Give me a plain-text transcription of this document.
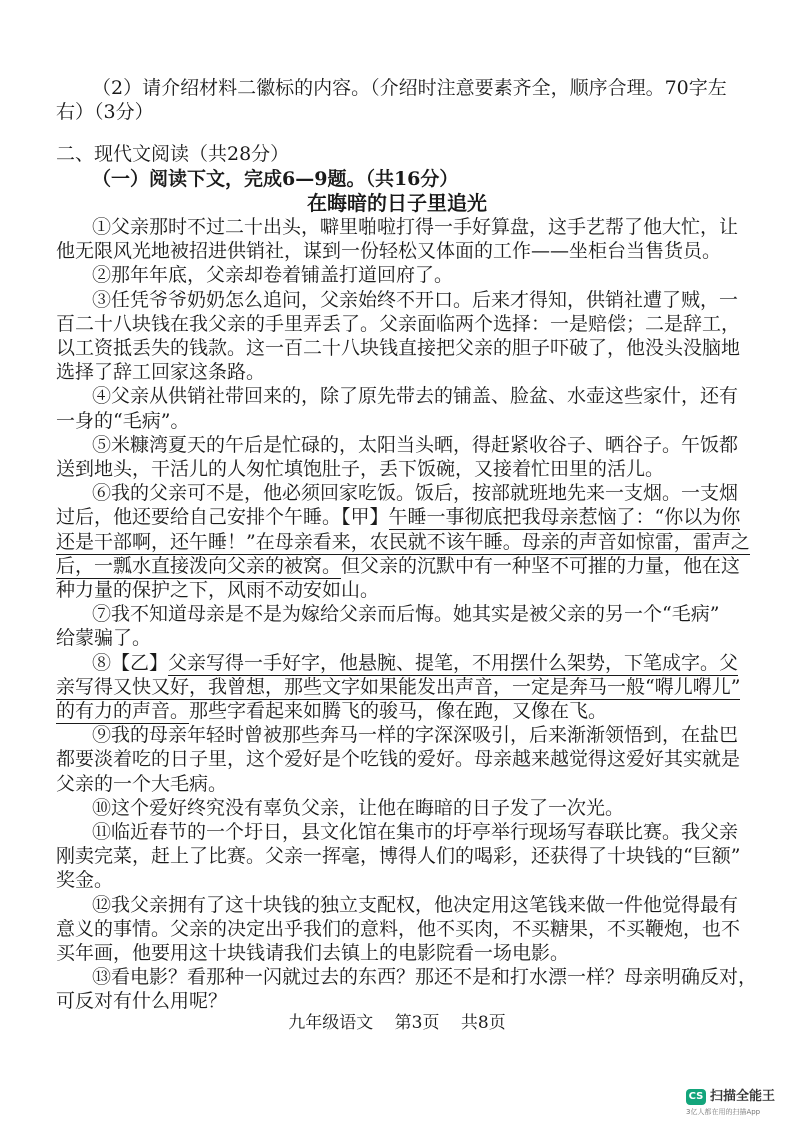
（2）请介绍材料二徽标的内容。（介绍时注意要素齐全，顺序合理。70字左
右）（3分）
二、现代文阅读（共28分）
（一）阅读下文，完成6—9题。（共16分）
在晦暗的日子里追光
①父亲那时不过二十出头，噼里啪啦打得一手好算盘，这手艺帮了他大忙，让
他无限风光地被招进供销社，谋到一份轻松又体面的工作——坐柜台当售货员。
②那年年底，父亲却卷着铺盖打道回府了。
③任凭爷爷奶奶怎么追问，父亲始终不开口。后来才得知，供销社遭了贼，一
百二十八块钱在我父亲的手里弄丢了。父亲面临两个选择：一是赔偿；二是辞工，
以工资抵丢失的钱款。这一百二十八块钱直接把父亲的胆子吓破了，他没头没脑地
选择了辞工回家这条路。
④父亲从供销社带回来的，除了原先带去的铺盖、脸盆、水壶这些家什，还有
一身的“毛病”。
⑤米糠湾夏天的午后是忙碌的，太阳当头晒，得赶紧收谷子、晒谷子。午饭都
送到地头，干活儿的人匆忙填饱肚子，丢下饭碗，又接着忙田里的活儿。
⑥我的父亲可不是，他必须回家吃饭。饭后，按部就班地先来一支烟。一支烟
过后，他还要给自己安排个午睡。【甲】午睡一事彻底把我母亲惹恼了：“你以为你
还是干部啊，还午睡！”在母亲看来，农民就不该午睡。母亲的声音如惊雷，雷声之
后，一瓢水直接泼向父亲的被窝。但父亲的沉默中有一种坚不可摧的力量，他在这
种力量的保护之下，风雨不动安如山。
⑦我不知道母亲是不是为嫁给父亲而后悔。她其实是被父亲的另一个“毛病”
给蒙骗了。
⑧【乙】父亲写得一手好字，他悬腕、提笔，不用摆什么架势，下笔成字。父
亲写得又快又好，我曾想，那些文字如果能发出声音，一定是奔马一般“嘚儿嘚儿”
的有力的声音。那些字看起来如腾飞的骏马，像在跑，又像在飞。
⑨我的母亲年轻时曾被那些奔马一样的字深深吸引，后来渐渐领悟到，在盐巴
都要淡着吃的日子里，这个爱好是个吃钱的爱好。母亲越来越觉得这爱好其实就是
父亲的一个大毛病。
⑩这个爱好终究没有辜负父亲，让他在晦暗的日子发了一次光。
⑪临近春节的一个圩日，县文化馆在集市的圩亭举行现场写春联比赛。我父亲
刚卖完菜，赶上了比赛。父亲一挥毫，博得人们的喝彩，还获得了十块钱的“巨额”
奖金。
⑫我父亲拥有了这十块钱的独立支配权，他决定用这笔钱来做一件他觉得最有
九年级语文 第3页 共8页
CS 扫描全能王
3亿人都在用的扫描App
意义的事情。父亲的决定出乎我们的意料，他不买肉，不买糖果，不买鞭炮，也不
买年画，他要用这十块钱请我们去镇上的电影院看一场电影。
⑬看电影？看那种一闪就过去的东西？那还不是和打水漂一样？母亲明确反对，
可反对有什么用呢？
